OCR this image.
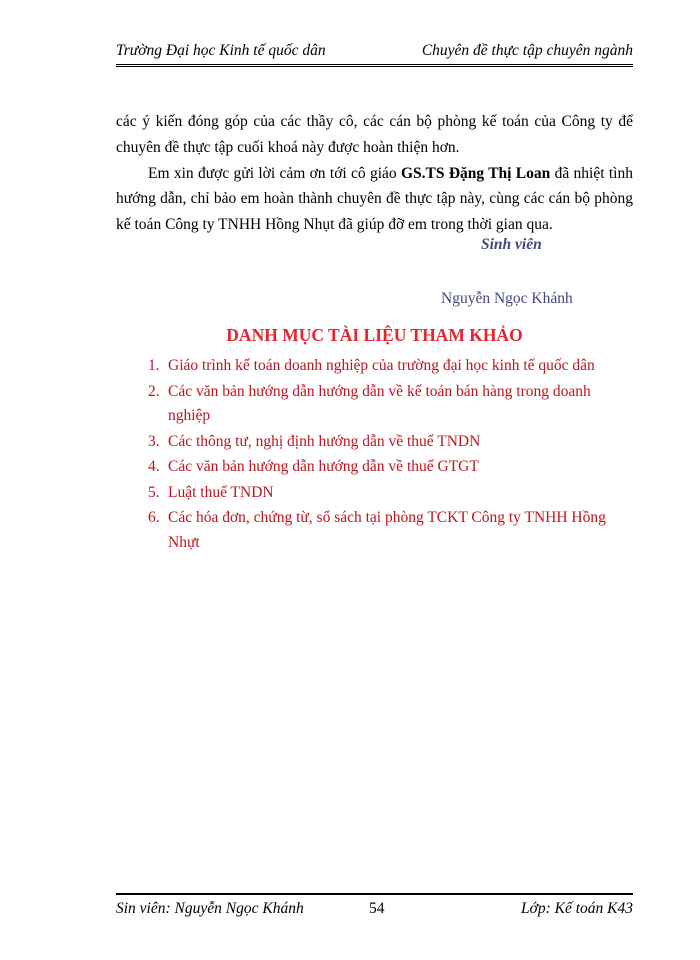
Trường Đại học Kinh tế quốc dân	Chuyên đề thực tập chuyên ngành

các ý kiến đóng góp của các thầy cô, các cán bộ phòng kế toán của Công ty để chuyên đề thực tập cuối khoá này được hoàn thiện hơn.

Em xin được gửi lời cảm ơn tới cô giáo GS.TS Đặng Thị Loan đã nhiệt tình hướng dẫn, chỉ bảo em hoàn thành chuyên đề thực tập này, cùng các cán bộ phòng kế toán Công ty TNHH Hồng Nhụt đã giúp đỡ em trong thời gian qua.

Sinh viên
Nguyễn Ngọc Khánh
DANH MỤC TÀI LIỆU THAM KHẢO
1. Giáo trình kế toán doanh nghiệp của trường đại học kinh tế quốc dân
2. Các văn bản hướng dẫn hướng dẫn về kế toán bán hàng trong doanh nghiệp
3. Các thông tư, nghị định hướng dẫn về thuế TNDN
4. Các văn bản hướng dẫn hướng dẫn về thuế GTGT
5. Luật thuế TNDN
6. Các hóa đơn, chứng từ, sổ sách tại phòng TCKT Công ty TNHH Hồng Nhựt
Sin viên: Nguyễn Ngọc Khánh	54	Lớp: Kế toán K43
